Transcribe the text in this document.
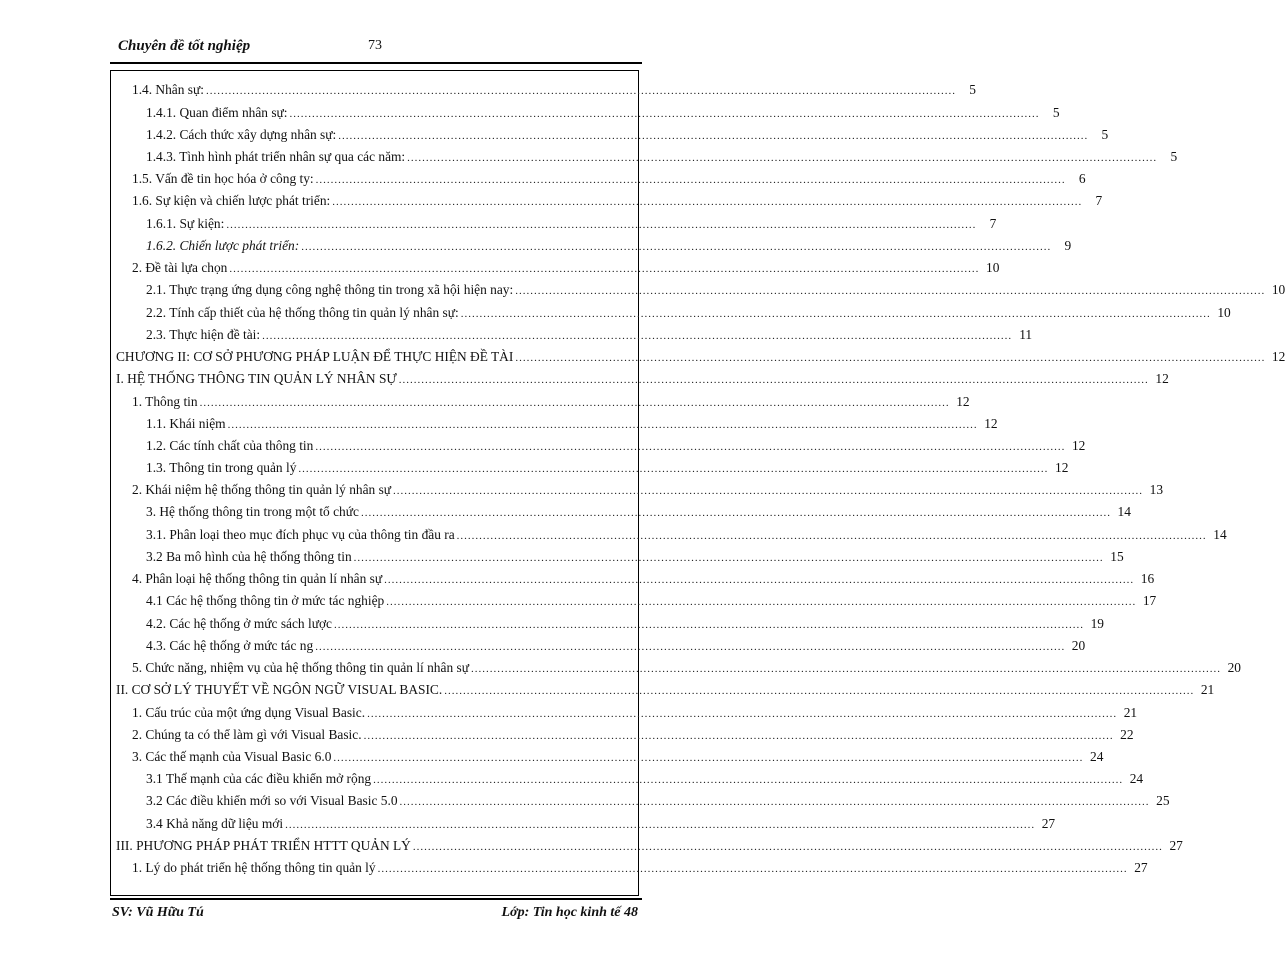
Chuyên đề tốt nghiệp	73
1.4. Nhân sự: ........................................................................................................................................................................................................ 5
1.4.1. Quan điểm nhân sự: ........................................................................................................................................................................................................ 5
1.4.2. Cách thức xây dựng nhân sự: ........................................................................................................................................................................................................ 5
1.4.3. Tình hình phát triển nhân sự qua các năm: ........................................................................................................................................................................................................ 5
1.5. Vấn đề tin học hóa ở công ty: ........................................................................................................................................................................................................ 6
1.6. Sự kiện và chiến lược phát triển: ........................................................................................................................................................................................................ 7
1.6.1. Sự kiện: ........................................................................................................................................................................................................ 7
1.6.2. Chiến lược phát triển: ........................................................................................................................................................................................................ 9
2. Đề tài lựa chọn ........................................................................................................................................................................................................ 10
2.1. Thực trạng ứng dụng công nghệ thông tin trong xã hội hiện nay: ........................................................................................................................................................................................................ 10
2.2. Tính cấp thiết của hệ thống thông tin quản lý nhân sự: ........................................................................................................................................................................................................ 10
2.3. Thực hiện đề tài: ........................................................................................................................................................................................................ 11
CHƯƠNG II: CƠ SỞ PHƯƠNG PHÁP LUẬN ĐỂ THỰC HIỆN ĐỀ TÀI ........................................................................................................................................................................................................ 12
I. HỆ THỐNG THÔNG TIN QUẢN LÝ NHÂN SỰ ........................................................................................................................................................................................................ 12
1. Thông tin ........................................................................................................................................................................................................ 12
1.1. Khái niệm ........................................................................................................................................................................................................ 12
1.2. Các tính chất của thông tin ........................................................................................................................................................................................................ 12
1.3. Thông tin trong quản lý ........................................................................................................................................................................................................ 12
2. Khái niệm hệ thống thông tin quản lý nhân sự ........................................................................................................................................................................................................ 13
3. Hệ thống thông tin trong một tổ chức ........................................................................................................................................................................................................ 14
3.1. Phân loại theo mục đích phục vụ của thông tin đầu ra ........................................................................................................................................................................................................ 14
3.2 Ba mô hình của hệ thống thông tin ........................................................................................................................................................................................................ 15
4. Phân loại hệ thống thông tin quản lí nhân sự ........................................................................................................................................................................................................ 16
4.1 Các hệ thống thông tin ở mức tác nghiệp ........................................................................................................................................................................................................ 17
4.2. Các hệ thống ở mức sách lược ........................................................................................................................................................................................................ 19
4.3. Các hệ thống ở mức tác ng ........................................................................................................................................................................................................ 20
5. Chức năng, nhiệm vụ của hệ thống thông tin quản lí nhân sự ........................................................................................................................................................................................................ 20
II. CƠ SỞ LÝ THUYẾT VỀ NGÔN NGỮ VISUAL BASIC. ........................................................................................................................................................................................................ 21
1. Cấu trúc của một ứng dụng Visual Basic. ........................................................................................................................................................................................................ 21
2. Chúng ta có thể làm gì với Visual Basic. ........................................................................................................................................................................................................ 22
3. Các thế mạnh của Visual Basic 6.0 ........................................................................................................................................................................................................ 24
3.1 Thế mạnh của các điều khiển mở rộng ........................................................................................................................................................................................................ 24
3.2 Các điều khiển mới so với Visual Basic 5.0 ........................................................................................................................................................................................................ 25
3.4 Khả năng dữ liệu mới ........................................................................................................................................................................................................ 27
III. PHƯƠNG PHÁP PHÁT TRIỂN HTTT QUẢN LÝ ........................................................................................................................................................................................................ 27
1. Lý do phát triển hệ thống thông tin quản lý ........................................................................................................................................................................................................ 27
SV: Vũ Hữu Tú	Lớp: Tin học kinh tế 48
